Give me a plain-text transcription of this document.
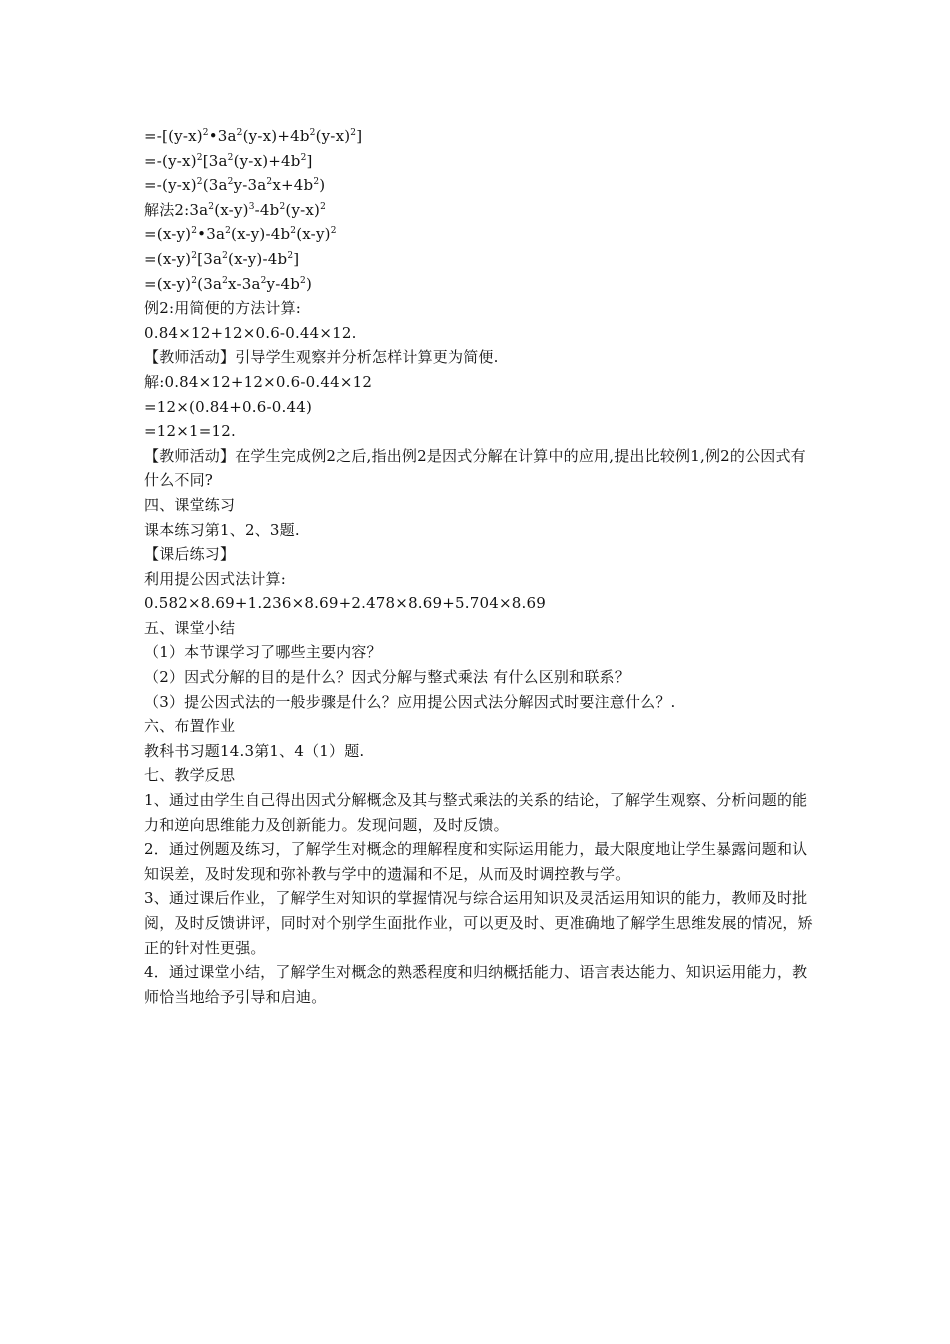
$=-[(y-x)^2•3a^2(y-x)+4b^2(y-x)^2]$
$=-(y-x)^2[3a^2(y-x)+4b^2]$
$=-(y-x)^2(3a^2y-3a^2x+4b^2)$
解法$2:3a^2(x-y)^3-4b^2(y-x)^2$
$=(x-y)^2•3a^2(x-y)-4b^2(x-y)^2$
$=(x-y)^2[3a^2(x-y)-4b^2]$
$=(x-y)^2(3a^2x-3a^2y-4b^2)$
例2:用简便的方法计算:
0.84×12+12×0.6-0.44×12.
【教师活动】引导学生观察并分析怎样计算更为简便.
解:0.84×12+12×0.6-0.44×12
=12×(0.84+0.6-0.44)
=12×1=12.
【教师活动】在学生完成例2之后,指出例2是因式分解在计算中的应用,提出比较例1,例2的公因式有什么不同?
四、课堂练习
课本练习第1、2、3题.
【课后练习】
利用提公因式法计算:
0.582×8.69+1.236×8.69+2.478×8.69+5.704×8.69
五、课堂小结
（1）本节课学习了哪些主要内容？
（2）因式分解的目的是什么？因式分解与整式乘法 有什么区别和联系？
（3）提公因式法的一般步骤是什么？应用提公因式法分解因式时要注意什么？.
六、布置作业
教科书习题14.3第1、4（1）题.
七、教学反思
1、通过由学生自己得出因式分解概念及其与整式乘法的关系的结论，了解学生观察、分析问题的能力和逆向思维能力及创新能力。发现问题，及时反馈。
2．通过例题及练习，了解学生对概念的理解程度和实际运用能力，最大限度地让学生暴露问题和认知误差，及时发现和弥补教与学中的遗漏和不足，从而及时调控教与学。
3、通过课后作业，了解学生对知识的掌握情况与综合运用知识及灵活运用知识的能力，教师及时批阅，及时反馈讲评，同时对个别学生面批作业，可以更及时、更准确地了解学生思维发展的情况，矫正的针对性更强。
4．通过课堂小结，了解学生对概念的熟悉程度和归纳概括能力、语言表达能力、知识运用能力，教师恰当地给予引导和启迪。
